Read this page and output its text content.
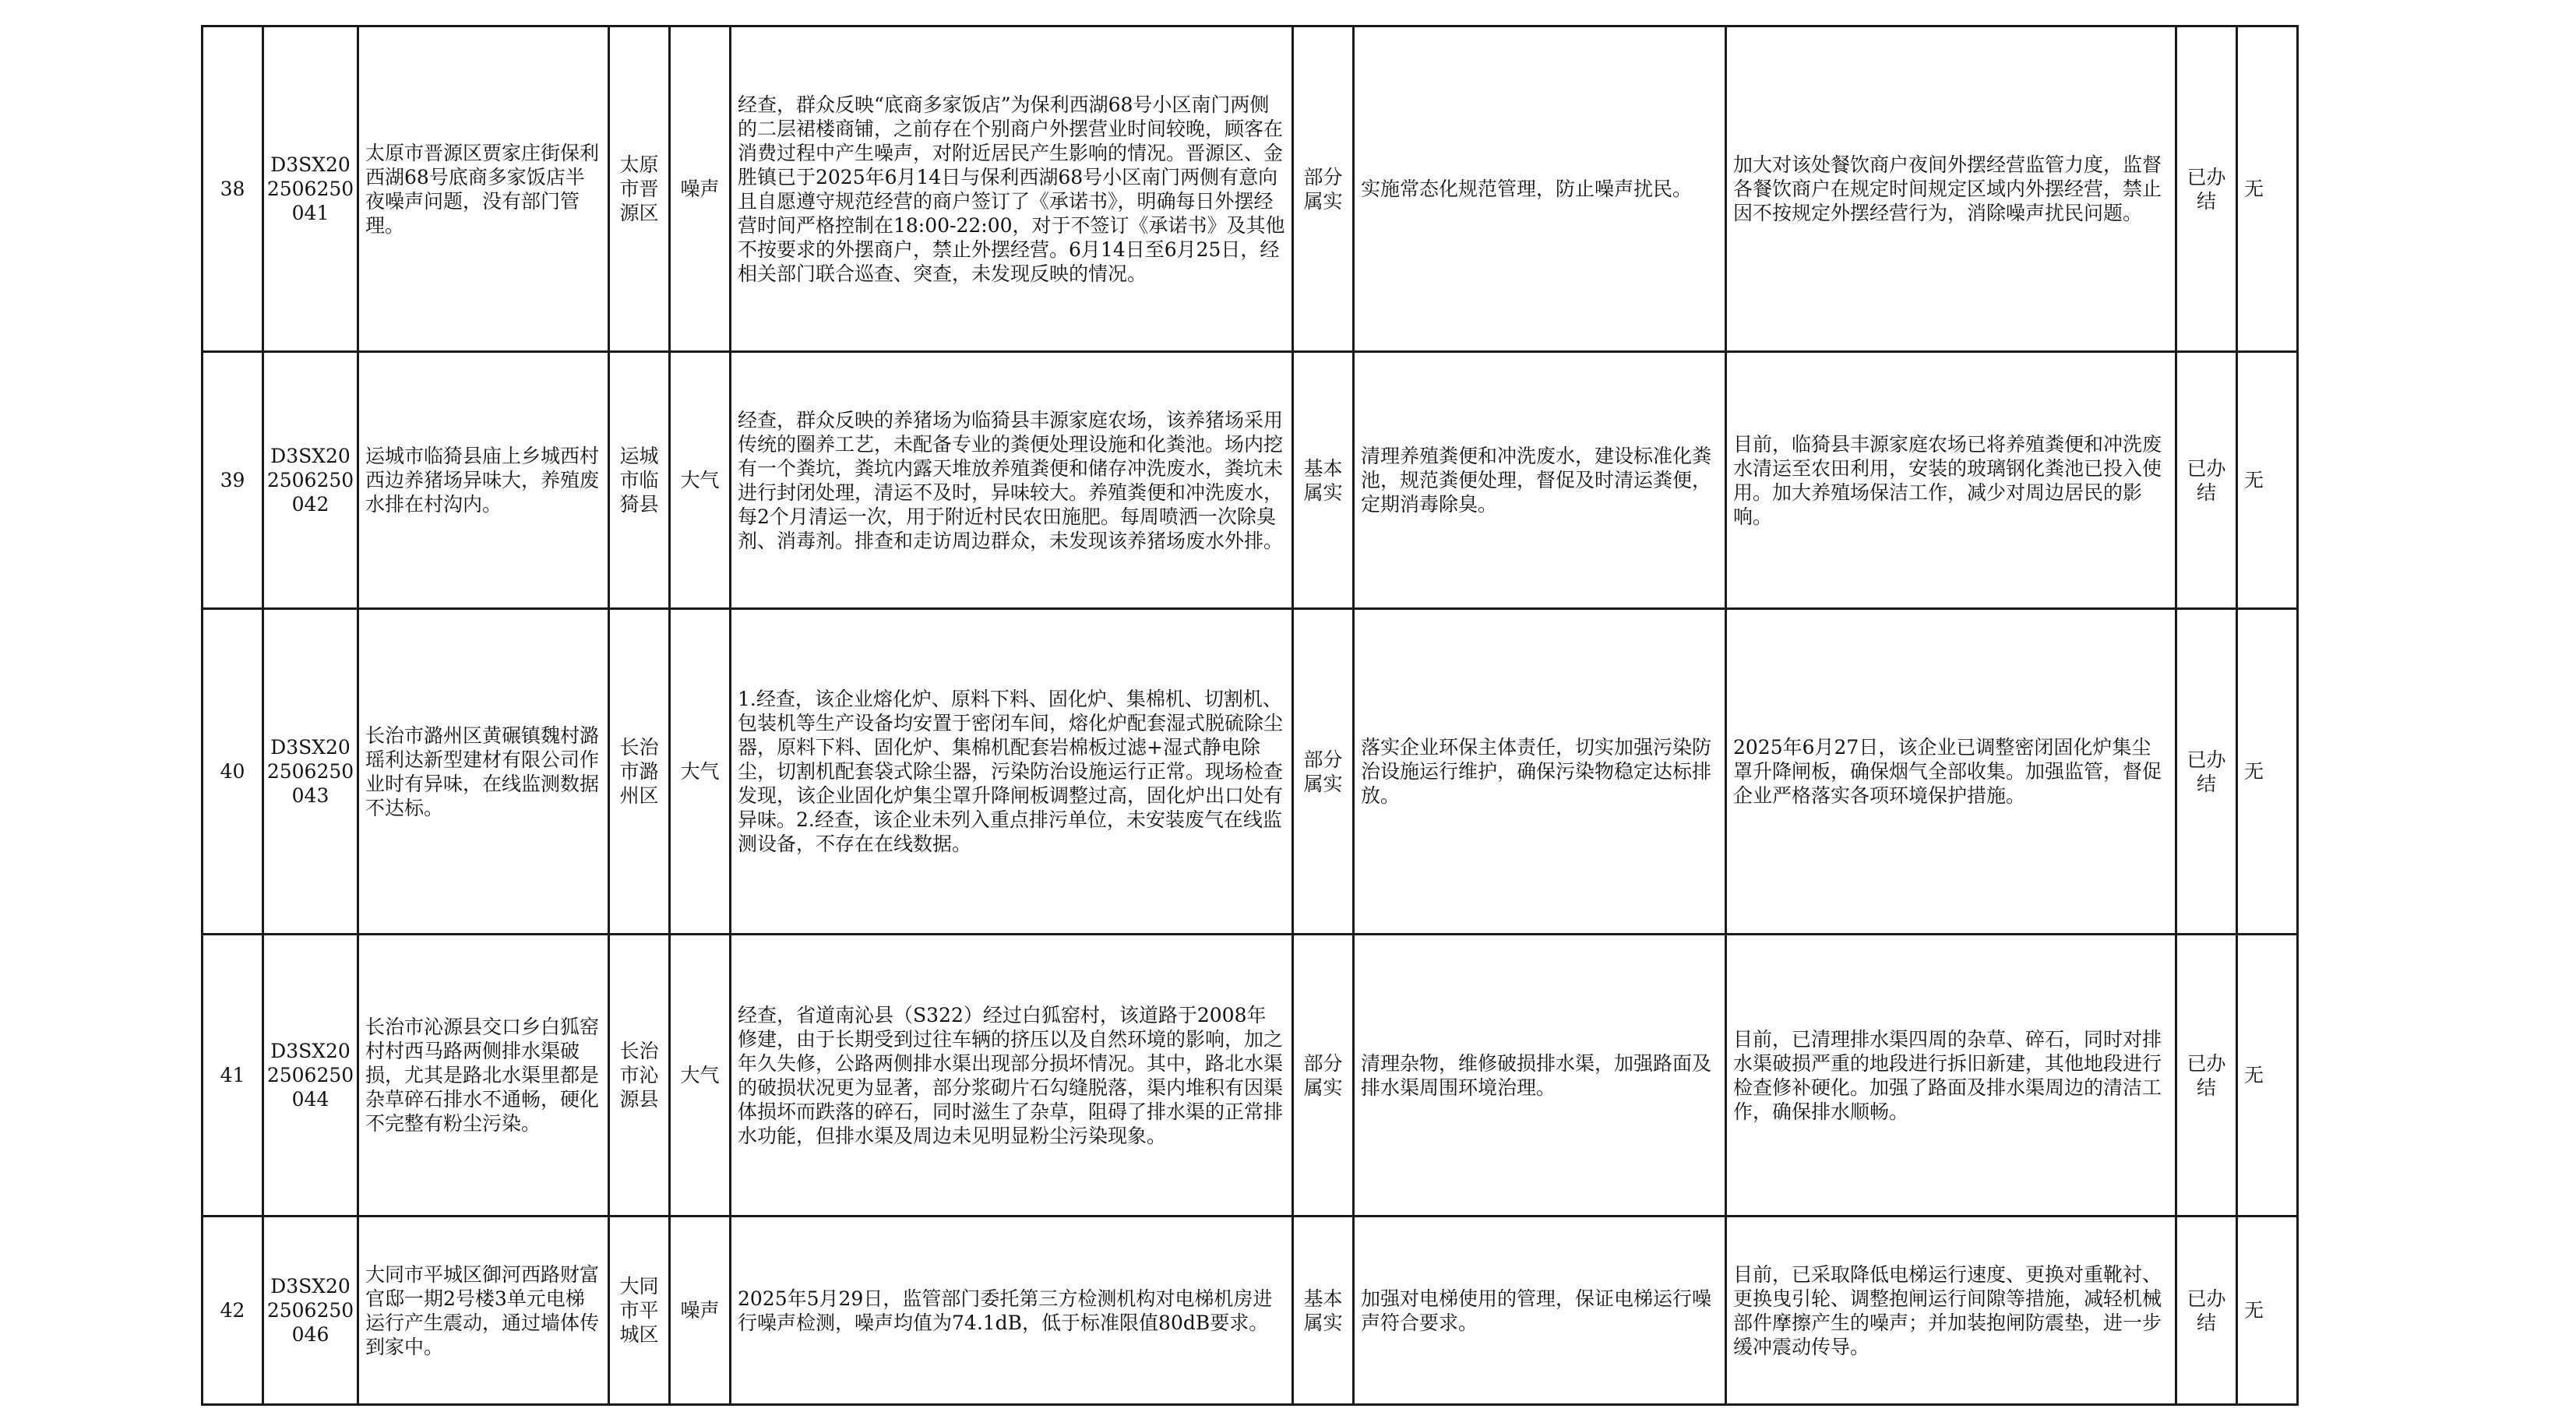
38	D3SX202506250041	太原市晋源区贾家庄街保利西湖68号底商多家饭店半夜噪声问题，没有部门管理。	太原市晋源区	噪声	经查，群众反映“底商多家饭店”为保利西湖68号小区南门两侧的二层裙楼商铺，之前存在个别商户外摆营业时间较晚，顾客在消费过程中产生噪声，对附近居民产生影响的情况。晋源区、金胜镇已于2025年6月14日与保利西湖68号小区南门两侧有意向且自愿遵守规范经营的商户签订了《承诺书》，明确每日外摆经营时间严格控制在18:00-22:00，对于不签订《承诺书》及其他不按要求的外摆商户，禁止外摆经营。6月14日至6月25日，经相关部门联合巡查、突查，未发现反映的情况。	部分属实	实施常态化规范管理，防止噪声扰民。	加大对该处餐饮商户夜间外摆经营监管力度，监督各餐饮商户在规定时间规定区域内外摆经营，禁止因不按规定外摆经营行为，消除噪声扰民问题。	已办结	无
39	D3SX202506250042	运城市临猗县庙上乡城西村西边养猪场异味大，养殖废水排在村沟内。	运城市临猗县	大气	经查，群众反映的养猪场为临猗县丰源家庭农场，该养猪场采用传统的圈养工艺，未配备专业的粪便处理设施和化粪池。场内挖有一个粪坑，粪坑内露天堆放养殖粪便和储存冲洗废水，粪坑未进行封闭处理，清运不及时，异味较大。养殖粪便和冲洗废水，每2个月清运一次，用于附近村民农田施肥。每周喷洒一次除臭剂、消毒剂。排查和走访周边群众，未发现该养猪场废水外排。	基本属实	清理养殖粪便和冲洗废水，建设标准化粪池，规范粪便处理，督促及时清运粪便，定期消毒除臭。	目前，临猗县丰源家庭农场已将养殖粪便和冲洗废水清运至农田利用，安装的玻璃钢化粪池已投入使用。加大养殖场保洁工作，减少对周边居民的影响。	已办结	无
40	D3SX202506250043	长治市潞州区黄碾镇魏村潞瑶利达新型建材有限公司作业时有异味，在线监测数据不达标。	长治市潞州区	大气	1.经查，该企业熔化炉、原料下料、固化炉、集棉机、切割机、包装机等生产设备均安置于密闭车间，熔化炉配套湿式脱硫除尘器，原料下料、固化炉、集棉机配套岩棉板过滤+湿式静电除尘，切割机配套袋式除尘器，污染防治设施运行正常。现场检查发现，该企业固化炉集尘罩升降闸板调整过高，固化炉出口处有异味。2.经查，该企业未列入重点排污单位，未安装废气在线监测设备，不存在在线数据。	部分属实	落实企业环保主体责任，切实加强污染防治设施运行维护，确保污染物稳定达标排放。	2025年6月27日，该企业已调整密闭固化炉集尘罩升降闸板，确保烟气全部收集。加强监管，督促企业严格落实各项环境保护措施。	已办结	无
41	D3SX202506250044	长治市沁源县交口乡白狐窑村村西马路两侧排水渠破损，尤其是路北水渠里都是杂草碎石排水不通畅，硬化不完整有粉尘污染。	长治市沁源县	大气	经查，省道南沁县（S322）经过白狐窑村，该道路于2008年修建，由于长期受到过往车辆的挤压以及自然环境的影响，加之年久失修，公路两侧排水渠出现部分损坏情况。其中，路北水渠的破损状况更为显著，部分浆砌片石勾缝脱落，渠内堆积有因渠体损坏而跌落的碎石，同时滋生了杂草，阻碍了排水渠的正常排水功能，但排水渠及周边未见明显粉尘污染现象。	部分属实	清理杂物，维修破损排水渠，加强路面及排水渠周围环境治理。	目前，已清理排水渠四周的杂草、碎石，同时对排水渠破损严重的地段进行拆旧新建，其他地段进行检查修补硬化。加强了路面及排水渠周边的清洁工作，确保排水顺畅。	已办结	无
42	D3SX202506250046	大同市平城区御河西路财富官邸一期2号楼3单元电梯运行产生震动，通过墙体传到家中。	大同市平城区	噪声	2025年5月29日，监管部门委托第三方检测机构对电梯机房进行噪声检测，噪声均值为74.1dB，低于标准限值80dB要求。	基本属实	加强对电梯使用的管理，保证电梯运行噪声符合要求。	目前，已采取降低电梯运行速度、更换对重靴衬、更换曳引轮、调整抱闸运行间隙等措施，减轻机械部件摩擦产生的噪声；并加装抱闸防震垫，进一步缓冲震动传导。	已办结	无
